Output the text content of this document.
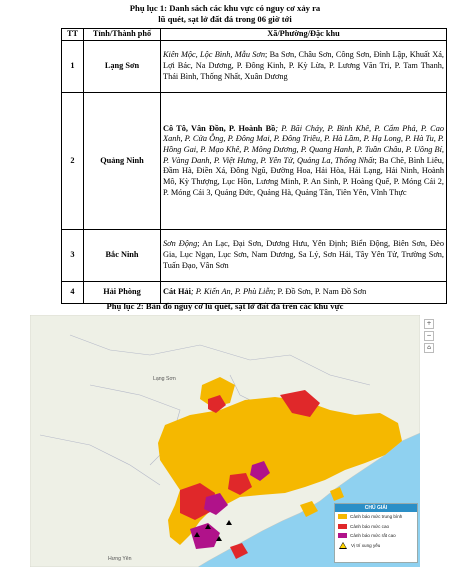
Phụ lục 1: Danh sách các khu vực có nguy cơ xảy ra
lũ quét, sạt lở đất đá trong 06 giờ tới
TT	Tỉnh/Thành phố	Xã/Phường/Đặc khu
1	Lạng Sơn	Kiên Mộc, Lộc Bình, Mẫu Sơn; Ba Sơn, Châu Sơn, Công Sơn, Đình Lập, Khuất Xá, Lợi Bác, Na Dương, P. Đông Kinh, P. Kỳ Lừa, P. Lương Văn Tri, P. Tam Thanh, Thái Bình, Thống Nhất, Xuân Dương
2	Quảng Ninh	Cô Tô, Vân Đồn, P. Hoành Bồ; P. Bãi Cháy, P. Bình Khê, P. Cẩm Phả, P. Cao Xanh, P. Cửa Ông, P. Đông Mai, P. Đông Triều, P. Hà Lầm, P. Hạ Long, P. Hà Tu, P. Hồng Gai, P. Mạo Khê, P. Mông Dương, P. Quang Hanh, P. Tuần Châu, P. Uông Bí, P. Vàng Danh, P. Việt Hưng, P. Yên Tử, Quảng La, Thống Nhất; Ba Chẽ, Bình Liêu, Đầm Hà, Điền Xá, Đông Ngũ, Đường Hoa, Hải Hòa, Hải Lạng, Hải Ninh, Hoành Mô, Kỳ Thượng, Lục Hồn, Lương Minh, P. An Sinh, P. Hoàng Quế, P. Móng Cái 2, P. Móng Cái 3, Quảng Đức, Quảng Hà, Quảng Tân, Tiên Yên, Vĩnh Thực
3	Bắc Ninh	Sơn Động; An Lạc, Đại Sơn, Dương Hưu, Yên Định; Biển Động, Biên Sơn, Đèo Gia, Lục Ngạn, Lục Sơn, Nam Dương, Sa Lý, Sơn Hải, Tây Yên Tử, Trường Sơn, Tuấn Đạo, Vân Sơn
4	Hải Phòng	Cát Hải; P. Kiến An, P. Phù Liễn; P. Đồ Sơn, P. Nam Đồ Sơn
Phụ lục 2: Bản đồ nguy cơ lũ quét, sạt lở đất đá trên các khu vực
Lạng Sơn
Hưng Yên
+
−
⌂
CHÚ GIẢI
Cảnh báo mức trung bình
Cảnh báo mức cao
Cảnh báo mức rất cao
Vị trí xung yếu
